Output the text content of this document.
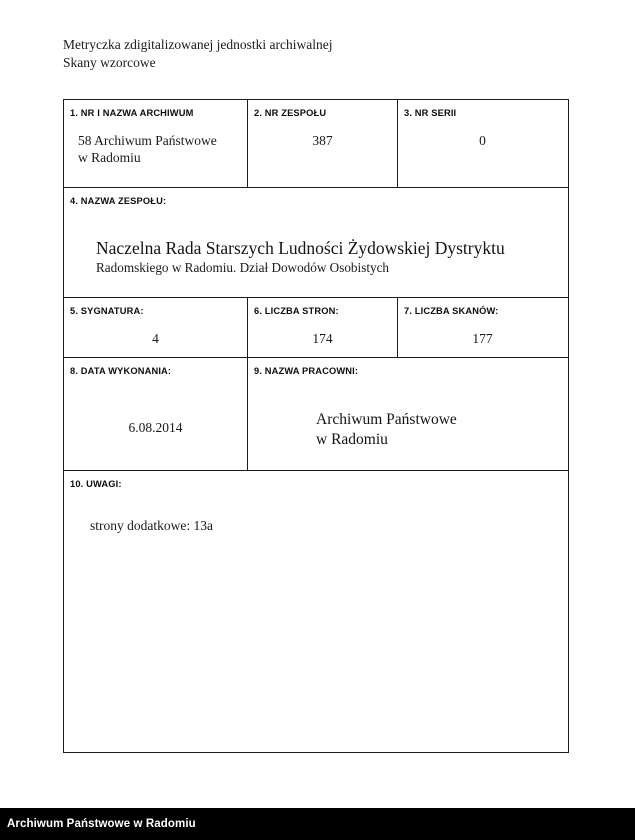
Metryczka zdigitalizowanej jednostki archiwalnej
Skany wzorcowe
1. NR I NAZWA ARCHIWUM
58 Archiwum Państwowe
w Radomiu
2. NR ZESPOŁU
387
3. NR SERII
0
4. NAZWA ZESPOŁU:
Naczelna Rada Starszych Ludności Żydowskiej Dystryktu
Radomskiego w Radomiu. Dział Dowodów Osobistych
5. SYGNATURA:
4
6. LICZBA STRON:
174
7. LICZBA SKANÓW:
177
8. DATA WYKONANIA:
6.08.2014
9. NAZWA PRACOWNI:
Archiwum Państwowe
w Radomiu
10. UWAGI:
strony dodatkowe: 13a
Archiwum Państwowe w Radomiu
